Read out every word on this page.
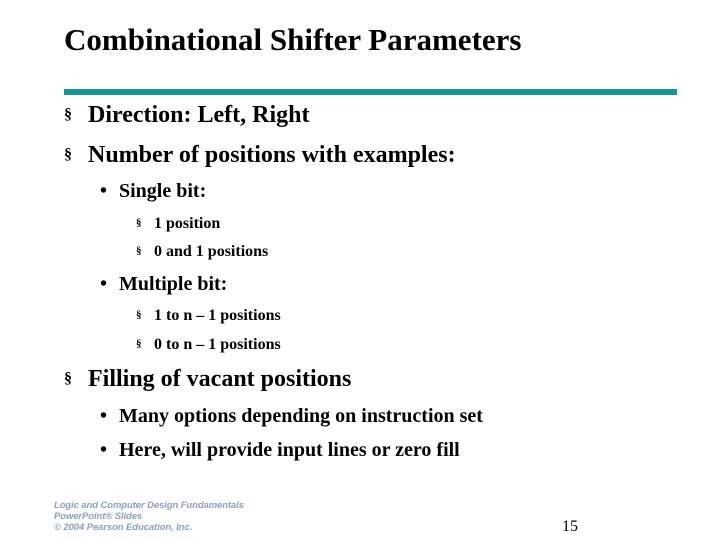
Combinational Shifter Parameters
§ Direction: Left, Right
§ Number of positions with examples:
• Single bit:
§ 1 position
§ 0 and 1 positions
• Multiple bit:
§ 1 to n – 1 positions
§ 0 to n – 1 positions
§ Filling of vacant positions
• Many options depending on instruction set
• Here, will provide input lines or zero fill
Logic and Computer Design Fundamentals
PowerPoint® Slides
© 2004 Pearson Education, Inc.	15
